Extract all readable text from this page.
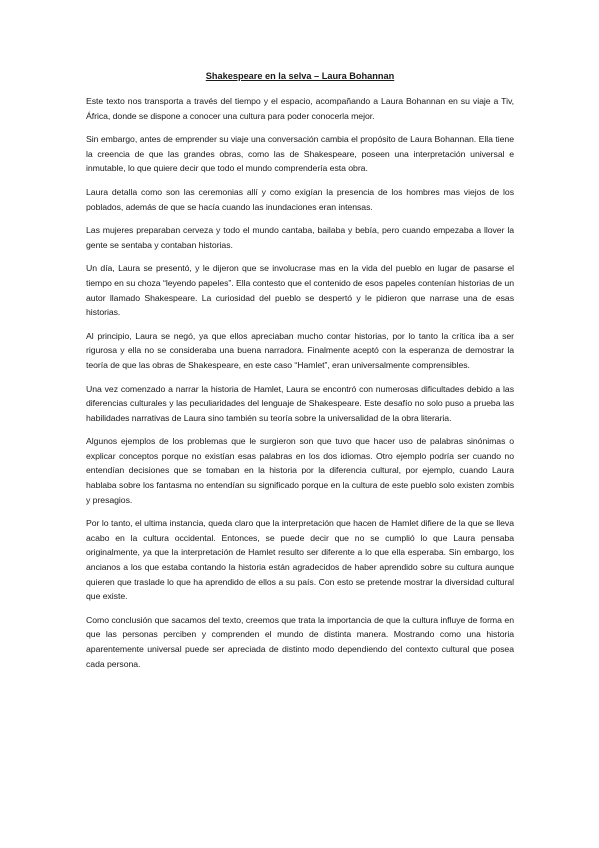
Shakespeare en la selva – Laura Bohannan

Este texto nos transporta a través del tiempo y el espacio, acompañando a Laura Bohannan en su viaje a Tiv, África, donde se dispone a conocer una cultura para poder conocerla mejor.

Sin embargo, antes de emprender su viaje una conversación cambia el propósito de Laura Bohannan. Ella tiene la creencia de que las grandes obras, como las de Shakespeare, poseen una interpretación universal e inmutable, lo que quiere decir que todo el mundo comprendería esta obra.

Laura detalla como son las ceremonias allí y como exigían la presencia de los hombres mas viejos de los poblados, además de que se hacía cuando las inundaciones eran intensas.

Las mujeres preparaban cerveza y todo el mundo cantaba, bailaba y bebía, pero cuando empezaba a llover la gente se sentaba y contaban historias.

Un día, Laura se presentó, y le dijeron que se involucrase mas en la vida del pueblo en lugar de pasarse el tiempo en su choza “leyendo papeles”. Ella contesto que el contenido de esos papeles contenían historias de un autor llamado Shakespeare. La curiosidad del pueblo se despertó y le pidieron que narrase una de esas historias.

Al principio, Laura se negó, ya que ellos apreciaban mucho contar historias, por lo tanto la crítica iba a ser rigurosa y ella no se consideraba una buena narradora. Finalmente aceptó con la esperanza de demostrar la teoría de que las obras de Shakespeare, en este caso “Hamlet”, eran universalmente comprensibles.

Una vez comenzado a narrar la historia de Hamlet, Laura se encontró con numerosas dificultades debido a las diferencias culturales y las peculiaridades del lenguaje de Shakespeare. Este desafío no solo puso a prueba las habilidades narrativas de Laura sino también su teoría sobre la universalidad de la obra literaria.

Algunos ejemplos de los problemas que le surgieron son que tuvo que hacer uso de palabras sinónimas o explicar conceptos porque no existían esas palabras en los dos idiomas. Otro ejemplo podría ser cuando no entendían decisiones que se tomaban en la historia por la diferencia cultural, por ejemplo, cuando Laura hablaba sobre los fantasma no entendían su significado porque en la cultura de este pueblo solo existen zombis y presagios.

Por lo tanto, el ultima instancia, queda claro que la interpretación que hacen de Hamlet difiere de la que se lleva acabo en la cultura occidental. Entonces, se puede decir que no se cumplió lo que Laura pensaba originalmente, ya que la interpretación de Hamlet resulto ser diferente a lo que ella esperaba. Sin embargo, los ancianos a los que estaba contando la historia están agradecidos de haber aprendido sobre su cultura aunque quieren que traslade lo que ha aprendido de ellos a su país. Con esto se pretende mostrar la diversidad cultural que existe.

Como conclusión que sacamos del texto, creemos que trata la importancia de que la cultura influye de forma en que las personas perciben y comprenden el mundo de distinta manera. Mostrando como una historia aparentemente universal puede ser apreciada de distinto modo dependiendo del contexto cultural que posea cada persona.
